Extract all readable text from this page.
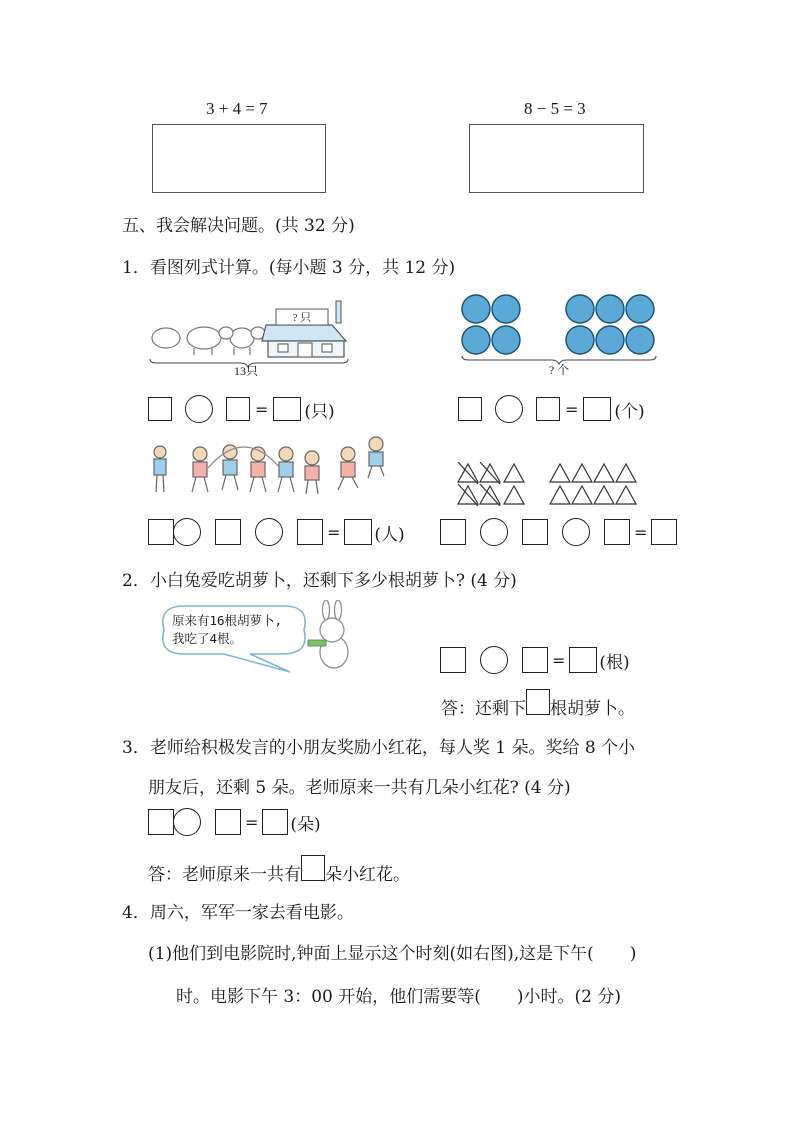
3 + 4 = 7	8 − 5 = 3
五、我会解决问题。(共 32 分)
1．看图列式计算。(每小题 3 分，共 12 分)
? 只
13只	? 个
= (只)	= (个)
= (人)	=
2．小白兔爱吃胡萝卜，还剩下多少根胡萝卜? (4 分)
原来有16根胡萝卜,
我吃了4根。
= (根)
答：还剩下 根胡萝卜。
3．老师给积极发言的小朋友奖励小红花，每人奖 1 朵。奖给 8 个小
朋友后，还剩 5 朵。老师原来一共有几朵小红花? (4 分)
= (朵)
答：老师原来一共有 朵小红花。
4．周六，军军一家去看电影。
(1)他们到电影院时,钟面上显示这个时刻(如右图),这是下午( )
时。电影下午 3：00 开始，他们需要等( )小时。(2 分)
